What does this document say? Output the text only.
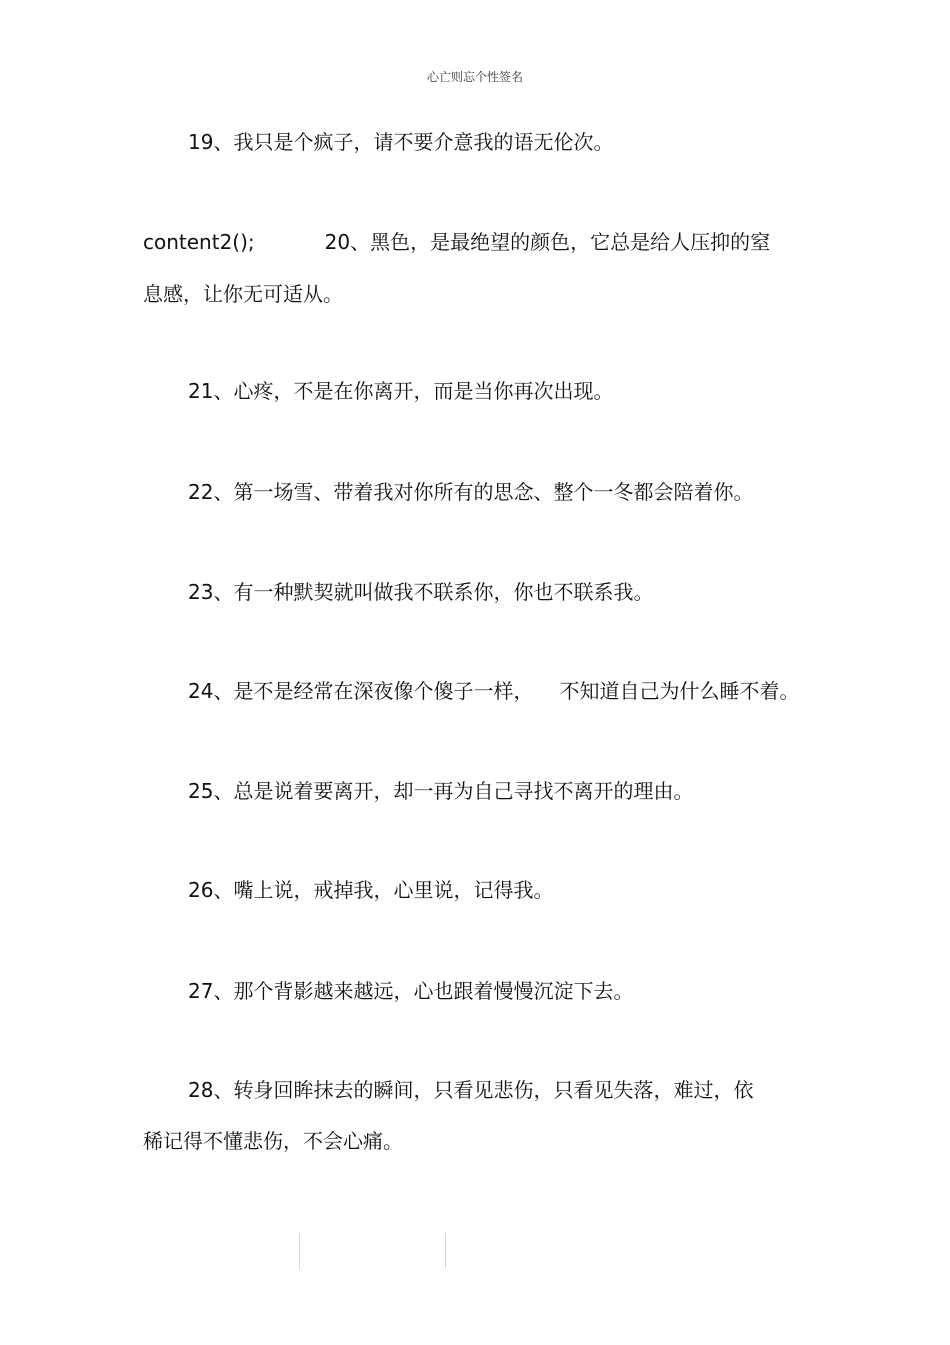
心亡则忘个性签名
19、我只是个疯子，请不要介意我的语无伦次。
content2();	20、黑色，是最绝望的颜色，它总是给人压抑的窒
息感，让你无可适从。
21、心疼，不是在你离开，而是当你再次出现。
22、第一场雪、带着我对你所有的思念、整个一冬都会陪着你。
23、有一种默契就叫做我不联系你，你也不联系我。
24、是不是经常在深夜像个傻子一样， 不知道自己为什么睡不着。
25、总是说着要离开，却一再为自己寻找不离开的理由。
26、嘴上说，戒掉我，心里说，记得我。
27、那个背影越来越远，心也跟着慢慢沉淀下去。
28、转身回眸抹去的瞬间，只看见悲伤，只看见失落，难过，依
稀记得不懂悲伤，不会心痛。
